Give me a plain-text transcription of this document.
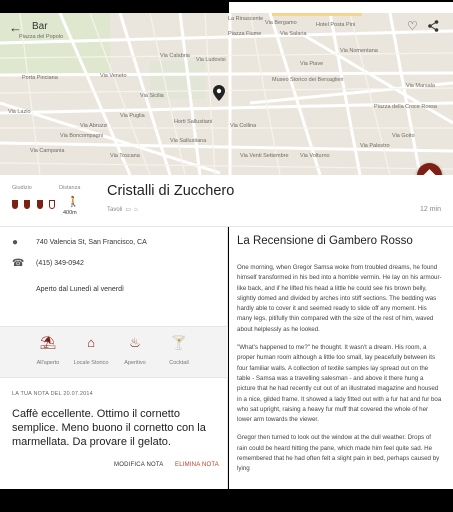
Piazza del Popolo
La Rinascente
Via Bergamo	Hotel Posta Pini
Via Nomentana
Via Piave
Piazza Fiume
Via Veneto
Porta Pinciana	Museo Storico dei Bersaglieri
Via Salaria
Horti Sallustiani
Piazza della Croce Rossa
Via Lazio
Via Sicilia
Via Calabria
Via Collina
Via Palestro
Via Goito
Via Marsala
Via Volturno
Via Venti Settembre
Via Boncompagni
Via Toscana
Via Ludovisi
Via Puglia
Via Abruzzi
Via Campania
Via Sallustiana
← Bar	♡
Giudizio
	Distanza
🚶
400m
Cristalli di Zucchero
Tavoli ▭ ⌂	12 min
●	740 Valencia St, San Francisco, CA
☎ (415) 349-0942
Aperto dal Lunedì al venerdì
⛱
All'aperto
⌂
Locale Storico
♨
Aperitivo
🍸
Cocktail
LA TUA NOTA DEL 20.07.2014

Caffè eccellente. Ottimo il cornetto semplice. Meno buono il cornetto con la marmellata. Da provare il gelato.

MODIFICA NOTA ELIMINA NOTA
La Recensione di Gambero Rosso

One morning, when Gregor Samsa woke from troubled dreams, he found himself transformed in his bed into a horrible vermin. He lay on his armour-like back, and if he lifted his head a little he could see his brown belly, slightly domed and divided by arches into stiff sections. The bedding was hardly able to cover it and seemed ready to slide off any moment. His many legs, pitifully thin compared with the size of the rest of him, waved about helplessly as he looked.

"What's happened to me?" he thought. It wasn't a dream. His room, a proper human room although a little too small, lay peacefully between its four familiar walls. A collection of textile samples lay spread out on the table - Samsa was a travelling salesman - and above it there hung a picture that he had recently cut out of an illustrated magazine and housed in a nice, gilded frame. It showed a lady fitted out with a fur hat and fur boa who sat upright, raising a heavy fur muff that covered the whole of her lower arm towards the viewer.

Gregor then turned to look out the window at the dull weather. Drops of rain could be heard hitting the pane, which made him feel quite sad. He remembered that he had often felt a slight pain in bed, perhaps caused by lying
